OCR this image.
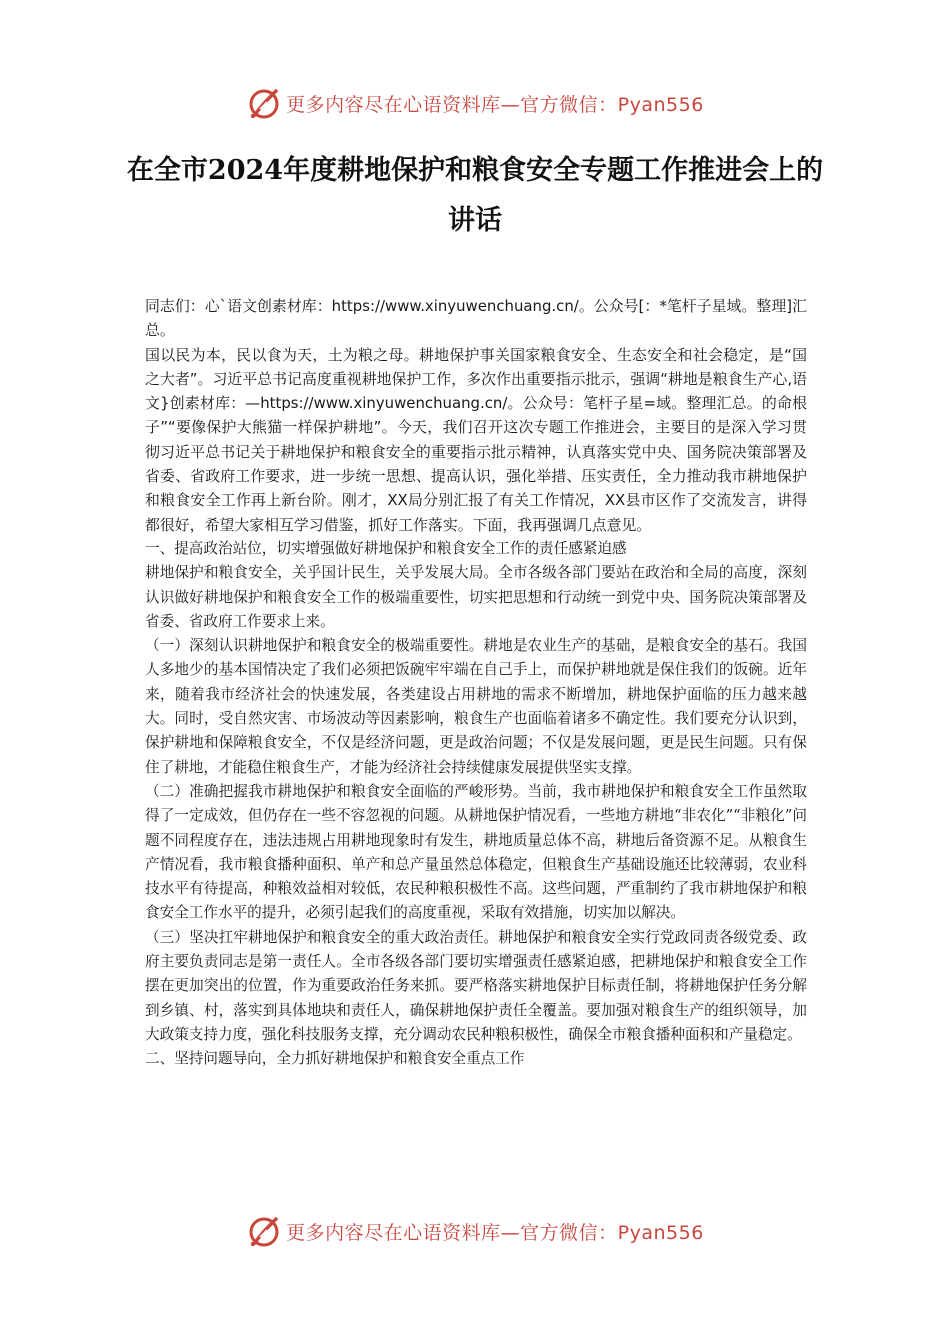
更多内容尽在心语资料库—官方微信：Pyan556
在全市2024年度耕地保护和粮食安全专题工作推进会上的讲话

同志们：心`语文创素材库：https://www.xinyuwenchuang.cn/。公众号[：*笔杆子星域。整理]汇总。

国以民为本，民以食为天，土为粮之母。耕地保护事关国家粮食安全、生态安全和社会稳定，是“国之大者”。习近平总书记高度重视耕地保护工作，多次作出重要指示批示，强调“耕地是粮食生产心,语文}创素材库：—https://www.xinyuwenchuang.cn/。公众号：笔杆子星=域。整理汇总。的命根子”“要像保护大熊猫一样保护耕地”。今天，我们召开这次专题工作推进会，主要目的是深入学习贯彻习近平总书记关于耕地保护和粮食安全的重要指示批示精神，认真落实党中央、国务院决策部署及省委、省政府工作要求，进一步统一思想、提高认识，强化举措、压实责任，全力推动我市耕地保护和粮食安全工作再上新台阶。刚才，XX局分别汇报了有关工作情况，XX县市区作了交流发言，讲得都很好，希望大家相互学习借鉴，抓好工作落实。下面，我再强调几点意见。

一、提高政治站位，切实增强做好耕地保护和粮食安全工作的责任感紧迫感

耕地保护和粮食安全，关乎国计民生，关乎发展大局。全市各级各部门要站在政治和全局的高度，深刻认识做好耕地保护和粮食安全工作的极端重要性，切实把思想和行动统一到党中央、国务院决策部署及省委、省政府工作要求上来。

（一）深刻认识耕地保护和粮食安全的极端重要性。耕地是农业生产的基础，是粮食安全的基石。我国人多地少的基本国情决定了我们必须把饭碗牢牢端在自己手上，而保护耕地就是保住我们的饭碗。近年来，随着我市经济社会的快速发展，各类建设占用耕地的需求不断增加，耕地保护面临的压力越来越大。同时，受自然灾害、市场波动等因素影响，粮食生产也面临着诸多不确定性。我们要充分认识到，保护耕地和保障粮食安全，不仅是经济问题，更是政治问题；不仅是发展问题，更是民生问题。只有保住了耕地，才能稳住粮食生产，才能为经济社会持续健康发展提供坚实支撑。

（二）准确把握我市耕地保护和粮食安全面临的严峻形势。当前，我市耕地保护和粮食安全工作虽然取得了一定成效，但仍存在一些不容忽视的问题。从耕地保护情况看，一些地方耕地“非农化”“非粮化”问题不同程度存在，违法违规占用耕地现象时有发生，耕地质量总体不高，耕地后备资源不足。从粮食生产情况看，我市粮食播种面积、单产和总产量虽然总体稳定，但粮食生产基础设施还比较薄弱，农业科技水平有待提高，种粮效益相对较低，农民种粮积极性不高。这些问题，严重制约了我市耕地保护和粮食安全工作水平的提升，必须引起我们的高度重视，采取有效措施，切实加以解决。

（三）坚决扛牢耕地保护和粮食安全的重大政治责任。耕地保护和粮食安全实行党政同责各级党委、政府主要负责同志是第一责任人。全市各级各部门要切实增强责任感紧迫感，把耕地保护和粮食安全工作摆在更加突出的位置，作为重要政治任务来抓。要严格落实耕地保护目标责任制，将耕地保护任务分解到乡镇、村，落实到具体地块和责任人，确保耕地保护责任全覆盖。要加强对粮食生产的组织领导，加大政策支持力度，强化科技服务支撑，充分调动农民种粮积极性，确保全市粮食播种面积和产量稳定。

二、坚持问题导向，全力抓好耕地保护和粮食安全重点工作

更多内容尽在心语资料库—官方微信：Pyan556
